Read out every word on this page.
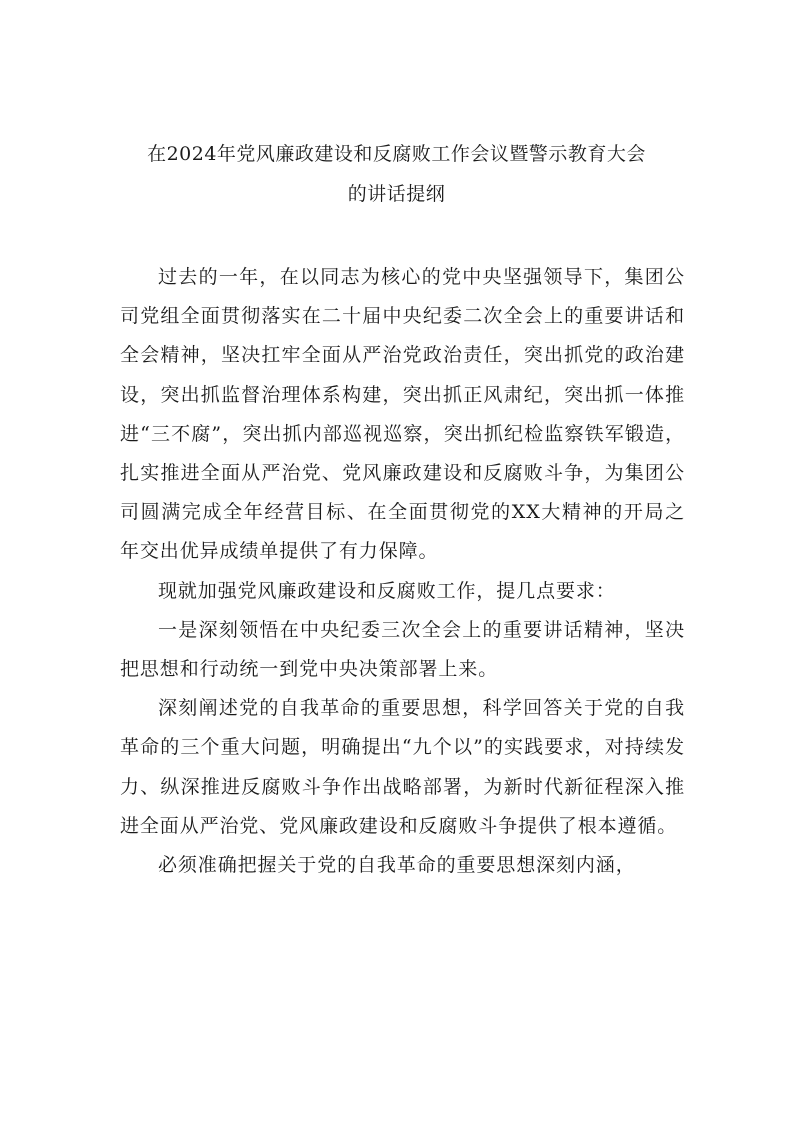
在2024年党风廉政建设和反腐败工作会议暨警示教育大会
的讲话提纲

过去的一年，在以同志为核心的党中央坚强领导下，集团公司党组全面贯彻落实在二十届中央纪委二次全会上的重要讲话和全会精神，坚决扛牢全面从严治党政治责任，突出抓党的政治建设，突出抓监督治理体系构建，突出抓正风肃纪，突出抓一体推进“三不腐”，突出抓内部巡视巡察，突出抓纪检监察铁军锻造，扎实推进全面从严治党、党风廉政建设和反腐败斗争，为集团公司圆满完成全年经营目标、在全面贯彻党的XX大精神的开局之年交出优异成绩单提供了有力保障。

现就加强党风廉政建设和反腐败工作，提几点要求：

一是深刻领悟在中央纪委三次全会上的重要讲话精神，坚决把思想和行动统一到党中央决策部署上来。

深刻阐述党的自我革命的重要思想，科学回答关于党的自我革命的三个重大问题，明确提出“九个以”的实践要求，对持续发力、纵深推进反腐败斗争作出战略部署，为新时代新征程深入推进全面从严治党、党风廉政建设和反腐败斗争提供了根本遵循。

必须准确把握关于党的自我革命的重要思想深刻内涵，
